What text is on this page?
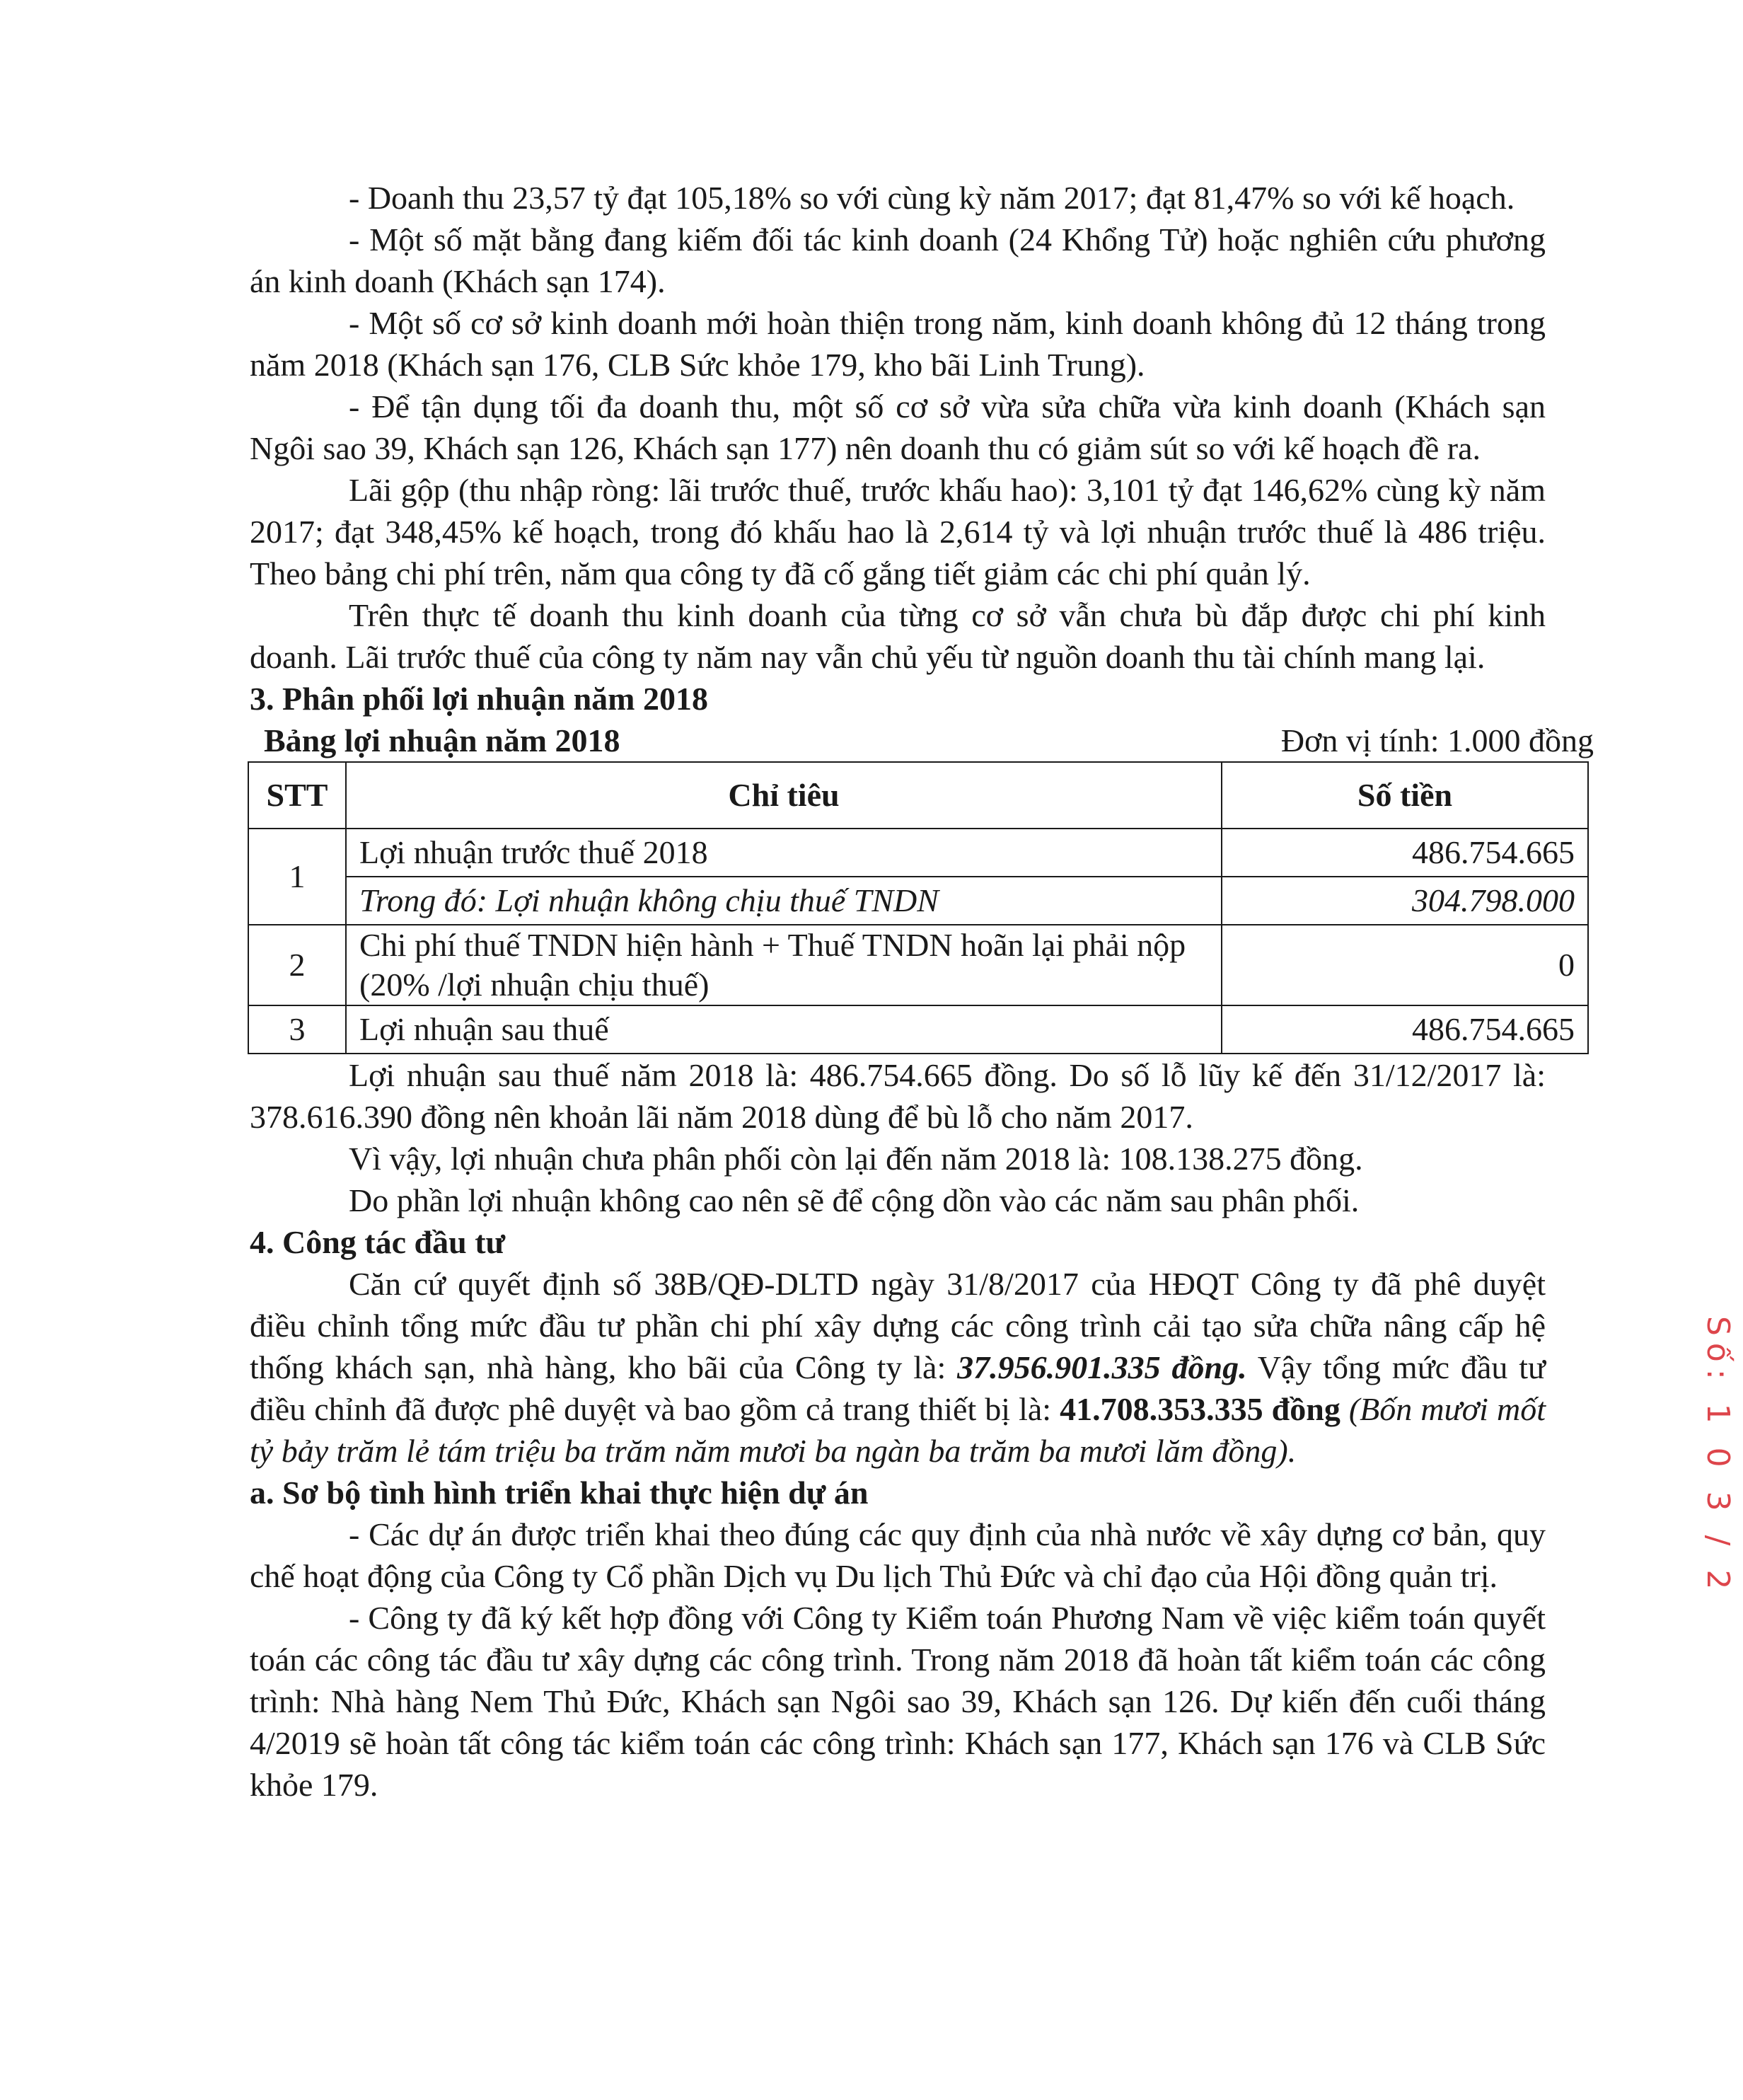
- Doanh thu 23,57 tỷ đạt 105,18% so với cùng kỳ năm 2017; đạt 81,47% so với kế hoạch.

- Một số mặt bằng đang kiếm đối tác kinh doanh (24 Khổng Tử) hoặc nghiên cứu phương án kinh doanh (Khách sạn 174).

- Một số cơ sở kinh doanh mới hoàn thiện trong năm, kinh doanh không đủ 12 tháng trong năm 2018 (Khách sạn 176, CLB Sức khỏe 179, kho bãi Linh Trung).

- Để tận dụng tối đa doanh thu, một số cơ sở vừa sửa chữa vừa kinh doanh (Khách sạn Ngôi sao 39, Khách sạn 126, Khách sạn 177) nên doanh thu có giảm sút so với kế hoạch đề ra.

Lãi gộp (thu nhập ròng: lãi trước thuế, trước khấu hao): 3,101 tỷ đạt 146,62% cùng kỳ năm 2017; đạt 348,45% kế hoạch, trong đó khấu hao là 2,614 tỷ và lợi nhuận trước thuế là 486 triệu. Theo bảng chi phí trên, năm qua công ty đã cố gắng tiết giảm các chi phí quản lý.

Trên thực tế doanh thu kinh doanh của từng cơ sở vẫn chưa bù đắp được chi phí kinh doanh. Lãi trước thuế của công ty năm nay vẫn chủ yếu từ nguồn doanh thu tài chính mang lại.

3. Phân phối lợi nhuận năm 2018

Bảng lợi nhuận năm 2018	Đơn vị tính: 1.000 đồng
STT	Chỉ tiêu	Số tiền
1	Lợi nhuận trước thuế 2018	486.754.665
	Trong đó: Lợi nhuận không chịu thuế TNDN	304.798.000
2	Chi phí thuế TNDN hiện hành + Thuế TNDN hoãn lại phải nộp (20% /lợi nhuận chịu thuế)	0
3	Lợi nhuận sau thuế	486.754.665

Lợi nhuận sau thuế năm 2018 là: 486.754.665 đồng. Do số lỗ lũy kế đến 31/12/2017 là: 378.616.390 đồng nên khoản lãi năm 2018 dùng để bù lỗ cho năm 2017.

Vì vậy, lợi nhuận chưa phân phối còn lại đến năm 2018 là: 108.138.275 đồng.

Do phần lợi nhuận không cao nên sẽ để cộng dồn vào các năm sau phân phối.

4. Công tác đầu tư

Căn cứ quyết định số 38B/QĐ-DLTD ngày 31/8/2017 của HĐQT Công ty đã phê duyệt điều chỉnh tổng mức đầu tư phần chi phí xây dựng các công trình cải tạo sửa chữa nâng cấp hệ thống khách sạn, nhà hàng, kho bãi của Công ty là: 37.956.901.335 đồng. Vậy tổng mức đầu tư điều chỉnh đã được phê duyệt và bao gồm cả trang thiết bị là: 41.708.353.335 đồng (Bốn mươi mốt tỷ bảy trăm lẻ tám triệu ba trăm năm mươi ba ngàn ba trăm ba mươi lăm đồng).

a. Sơ bộ tình hình triển khai thực hiện dự án

- Các dự án được triển khai theo đúng các quy định của nhà nước về xây dựng cơ bản, quy chế hoạt động của Công ty Cổ phần Dịch vụ Du lịch Thủ Đức và chỉ đạo của Hội đồng quản trị.

- Công ty đã ký kết hợp đồng với Công ty Kiểm toán Phương Nam về việc kiểm toán quyết toán các công tác đầu tư xây dựng các công trình. Trong năm 2018 đã hoàn tất kiểm toán các công trình: Nhà hàng Nem Thủ Đức, Khách sạn Ngôi sao 39, Khách sạn 126. Dự kiến đến cuối tháng 4/2019 sẽ hoàn tất công tác kiểm toán các công trình: Khách sạn 177, Khách sạn 176 và CLB Sức khỏe 179.

Số: 1 0 3 / 2
